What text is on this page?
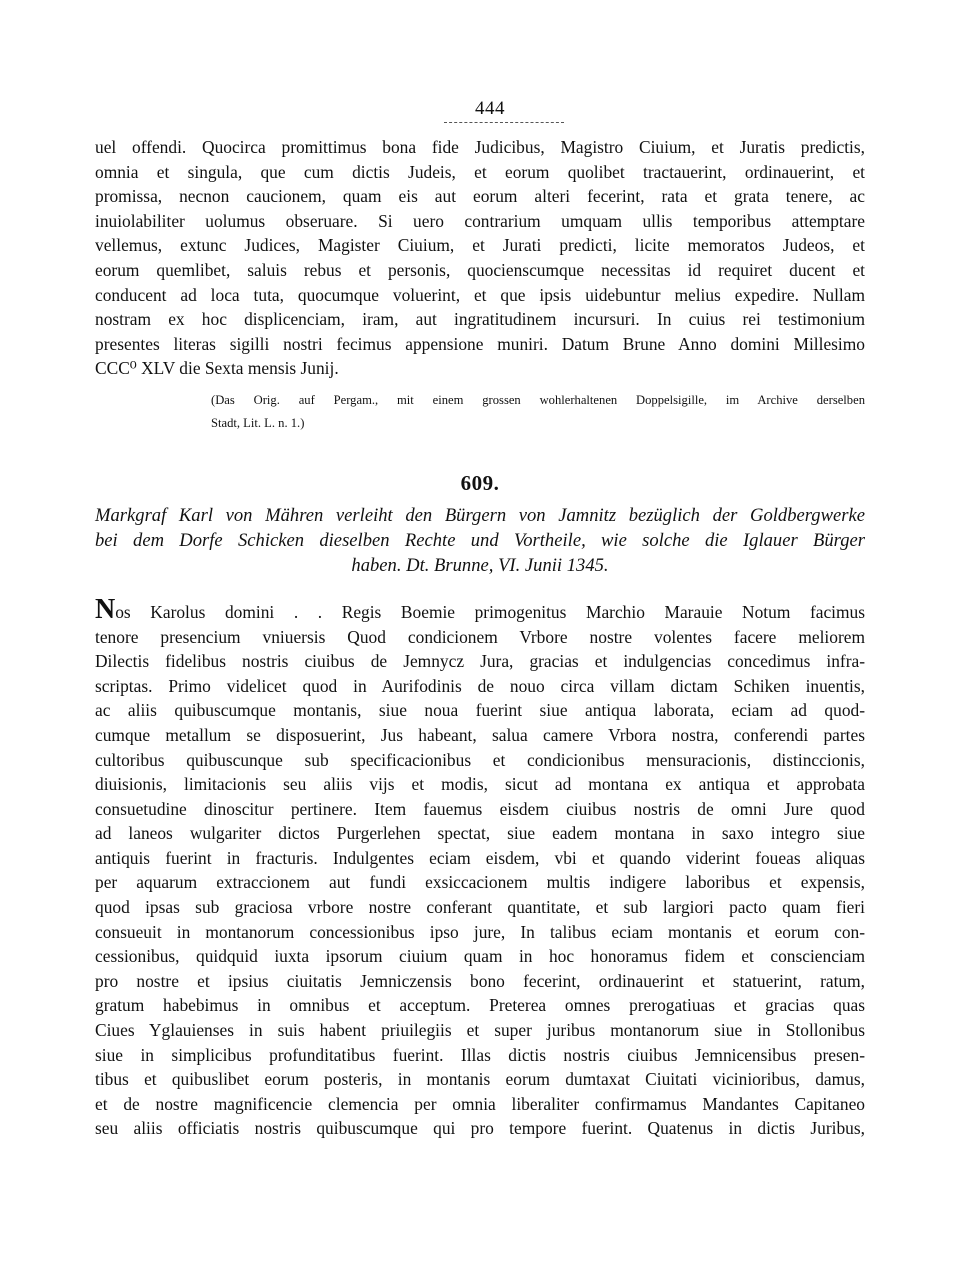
444

uel offendi. Quocirca promittimus bona fide Judicibus, Magistro Ciuium, et Juratis predictis,
omnia et singula, que cum dictis Judeis, et eorum quolibet tractauerint, ordinauerint, et
promissa, necnon caucionem, quam eis aut eorum alteri fecerint, rata et grata tenere, ac
inuiolabiliter uolumus obseruare. Si uero contrarium umquam ullis temporibus attemptare
vellemus, extunc Judices, Magister Ciuium, et Jurati predicti, licite memoratos Judeos, et
eorum quemlibet, saluis rebus et personis, quocienscumque necessitas id requiret ducent et
conducent ad loca tuta, quocumque voluerint, et que ipsis uidebuntur melius expedire. Nullam
nostram ex hoc displicenciam, iram, aut ingratitudinem incursuri. In cuius rei testimonium
presentes literas sigilli nostri fecimus appensione muniri. Datum Brune Anno domini Millesimo
CCC⁰ XLV die Sexta mensis Junij.

(Das Orig. auf Pergam., mit einem grossen wohlerhaltenen Doppelsigille, im Archive derselben
Stadt, Lit. L. n. 1.)
609.
Markgraf Karl von Mähren verleiht den Bürgern von Jamnitz bezüglich der Goldbergwerke
bei dem Dorfe Schicken dieselben Rechte und Vortheile, wie solche die Iglauer Bürger
haben. Dt. Brunne, VI. Junii 1345.

Nos Karolus domini . . Regis Boemie primogenitus Marchio Marauie Notum facimus
tenore presencium vniuersis Quod condicionem Vrbore nostre volentes facere meliorem
Dilectis fidelibus nostris ciuibus de Jemnycz Jura, gracias et indulgencias concedimus infra-
scriptas. Primo videlicet quod in Aurifodinis de nouo circa villam dictam Schiken inuentis,
ac aliis quibuscumque montanis, siue noua fuerint siue antiqua laborata, eciam ad quod-
cumque metallum se disposuerint, Jus habeant, salua camere Vrbora nostra, conferendi partes
cultoribus quibuscunque sub specificacionibus et condicionibus mensuracionis, distinccionis,
diuisionis, limitacionis seu aliis vijs et modis, sicut ad montana ex antiqua et approbata
consuetudine dinoscitur pertinere. Item fauemus eisdem ciuibus nostris de omni Jure quod
ad laneos wulgariter dictos Purgerlehen spectat, siue eadem montana in saxo integro siue
antiquis fuerint in fracturis. Indulgentes eciam eisdem, vbi et quando viderint foueas aliquas
per aquarum extraccionem aut fundi exsiccacionem multis indigere laboribus et expensis,
quod ipsas sub graciosa vrbore nostre conferant quantitate, et sub largiori pacto quam fieri
consueuit in montanorum concessionibus ipso jure, In talibus eciam montanis et eorum con-
cessionibus, quidquid iuxta ipsorum ciuium quam in hoc honoramus fidem et conscienciam
pro nostre et ipsius ciuitatis Jemniczensis bono fecerint, ordinauerint et statuerint, ratum,
gratum habebimus in omnibus et acceptum. Preterea omnes prerogatiuas et gracias quas
Ciues Yglauienses in suis habent priuilegiis et super juribus montanorum siue in Stollonibus
siue in simplicibus profunditatibus fuerint. Illas dictis nostris ciuibus Jemnicensibus presen-
tibus et quibuslibet eorum posteris, in montanis eorum dumtaxat Ciuitati vicinioribus, damus,
et de nostre magnificencie clemencia per omnia liberaliter confirmamus Mandantes Capitaneo
seu aliis officiatis nostris quibuscumque qui pro tempore fuerint. Quatenus in dictis Juribus,
